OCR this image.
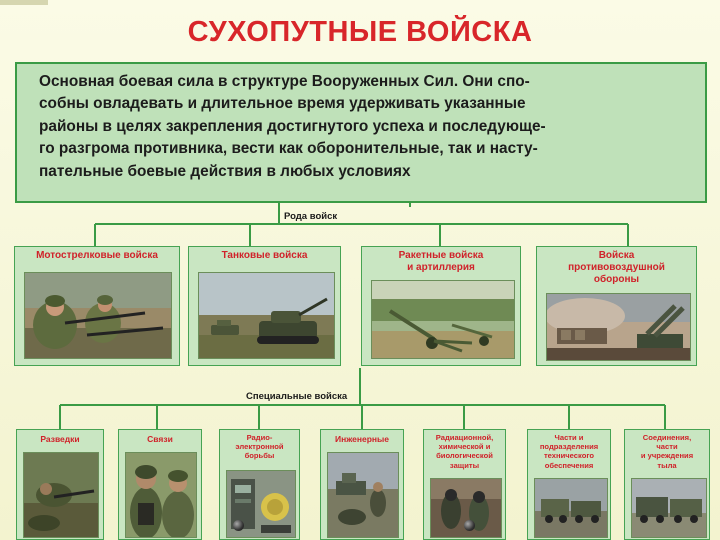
СУХОПУТНЫЕ ВОЙСКА
Основная боевая сила в структуре Вооруженных Сил. Они спо-
собны овладевать и длительное время удерживать указанные
районы в целях закрепления достигнутого успеха и последующе-
го разгрома противника, вести как оборонительные, так и насту-
пательные боевые действия в любых условиях
Рода войск
Специальные войска
Мотострелковые войска	Танковые войска	Ракетные войска
и артиллерия
Войска
противовоздушной
обороны
Разведки	Связи	Радио-
электронной
борьбы
Инженерные	Радиационной,
химической и
биологической
защиты
Части и
подразделения
технического
обеспечения
Соединения,
части
и учреждения
тыла
